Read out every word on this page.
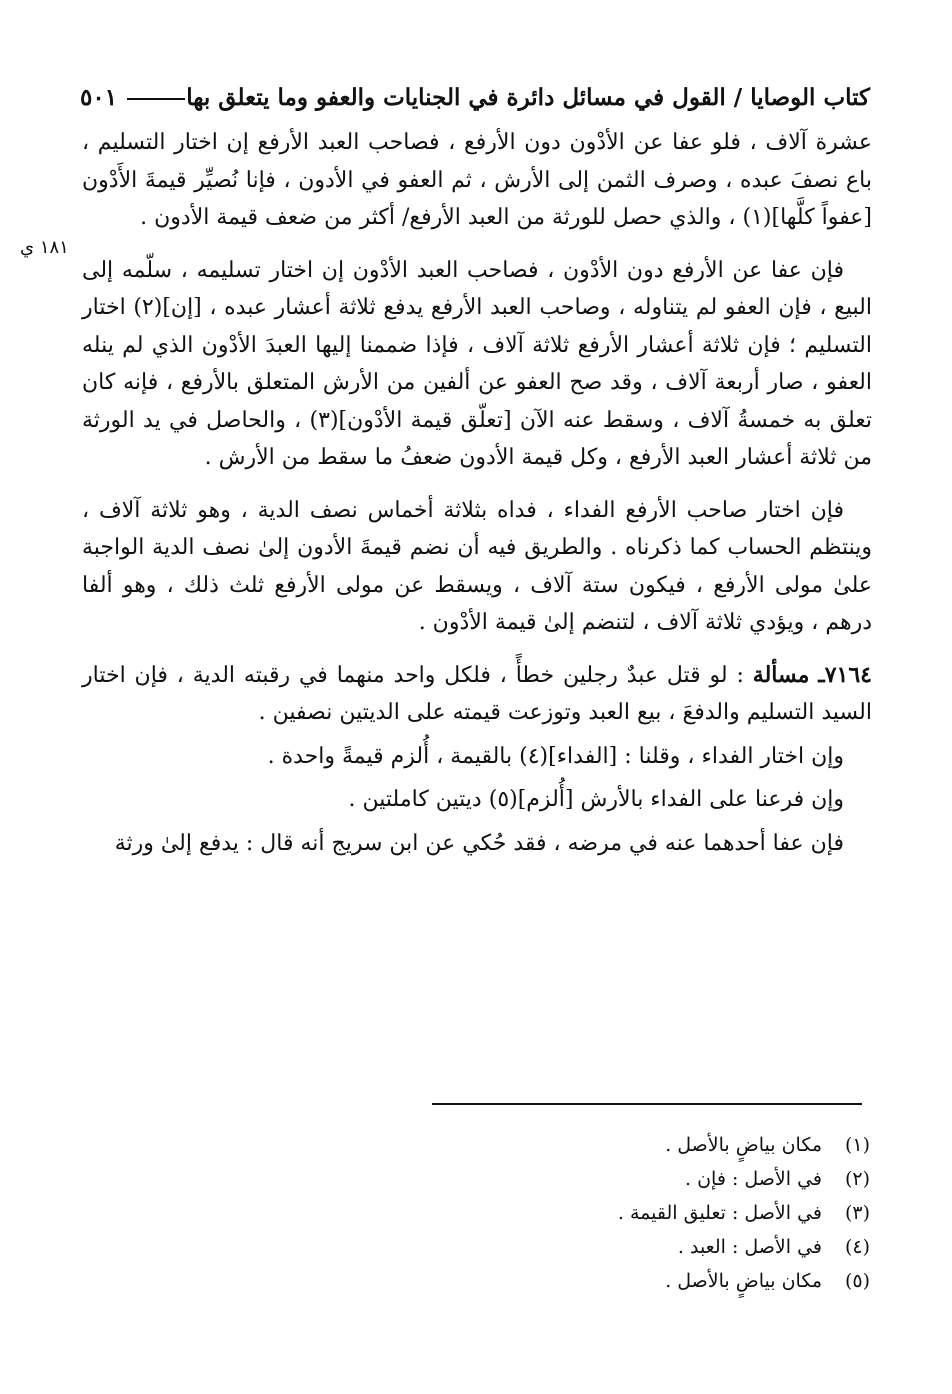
كتاب الوصايا / القول في مسائل دائرة في الجنايات والعفو وما يتعلق بها
٥٠١
١٨١ ي

عشرة آلاف ، فلو عفا عن الأدْون دون الأرفع ، فصاحب العبد الأرفع إن اختار التسليم ، باع نصفَ عبده ، وصرف الثمن إلى الأرش ، ثم العفو في الأدون ، فإنا نُصيِّر قيمةَ الأَدْون [عفواً كلَّها](١) ، والذي حصل للورثة من العبد الأرفع/ أكثر من ضعف قيمة الأدون .

فإن عفا عن الأرفع دون الأدْون ، فصاحب العبد الأدْون إن اختار تسليمه ، سلّمه إلى البيع ، فإن العفو لم يتناوله ، وصاحب العبد الأرفع يدفع ثلاثة أعشار عبده ، [إن](٢) اختار التسليم ؛ فإن ثلاثة أعشار الأرفع ثلاثة آلاف ، فإذا ضممنا إليها العبدَ الأدْون الذي لم ينله العفو ، صار أربعة آلاف ، وقد صح العفو عن ألفين من الأرش المتعلق بالأرفع ، فإنه كان تعلق به خمسةُ آلاف ، وسقط عنه الآن [تعلّق قيمة الأدْون](٣) ، والحاصل في يد الورثة من ثلاثة أعشار العبد الأرفع ، وكل قيمة الأدون ضعفُ ما سقط من الأرش .

فإن اختار صاحب الأرفع الفداء ، فداه بثلاثة أخماس نصف الدية ، وهو ثلاثة آلاف ، وينتظم الحساب كما ذكرناه . والطريق فيه أن نضم قيمةَ الأدون إلىٰ نصف الدية الواجبة علىٰ مولى الأرفع ، فيكون ستة آلاف ، ويسقط عن مولى الأرفع ثلث ذلك ، وهو ألفا درهم ، ويؤدي ثلاثة آلاف ، لتنضم إلىٰ قيمة الأدْون .

٧١٦٤ـ مسألة : لو قتل عبدٌ رجلين خطأً ، فلكل واحد منهما في رقبته الدية ، فإن اختار السيد التسليم والدفعَ ، بيع العبد وتوزعت قيمته على الديتين نصفين .

وإن اختار الفداء ، وقلنا : [الفداء](٤) بالقيمة ، أُلزم قيمةً واحدة .

وإن فرعنا على الفداء بالأرش [أُلزم](٥) ديتين كاملتين .

فإن عفا أحدهما عنه في مرضه ، فقد حُكي عن ابن سريج أنه قال : يدفع إلىٰ ورثة

(١)
مكان بياضٍ بالأصل .
(٢)
في الأصل : فإن .
(٣)
في الأصل : تعليق القيمة .
(٤)
في الأصل : العبد .
(٥)
مكان بياضٍ بالأصل .
